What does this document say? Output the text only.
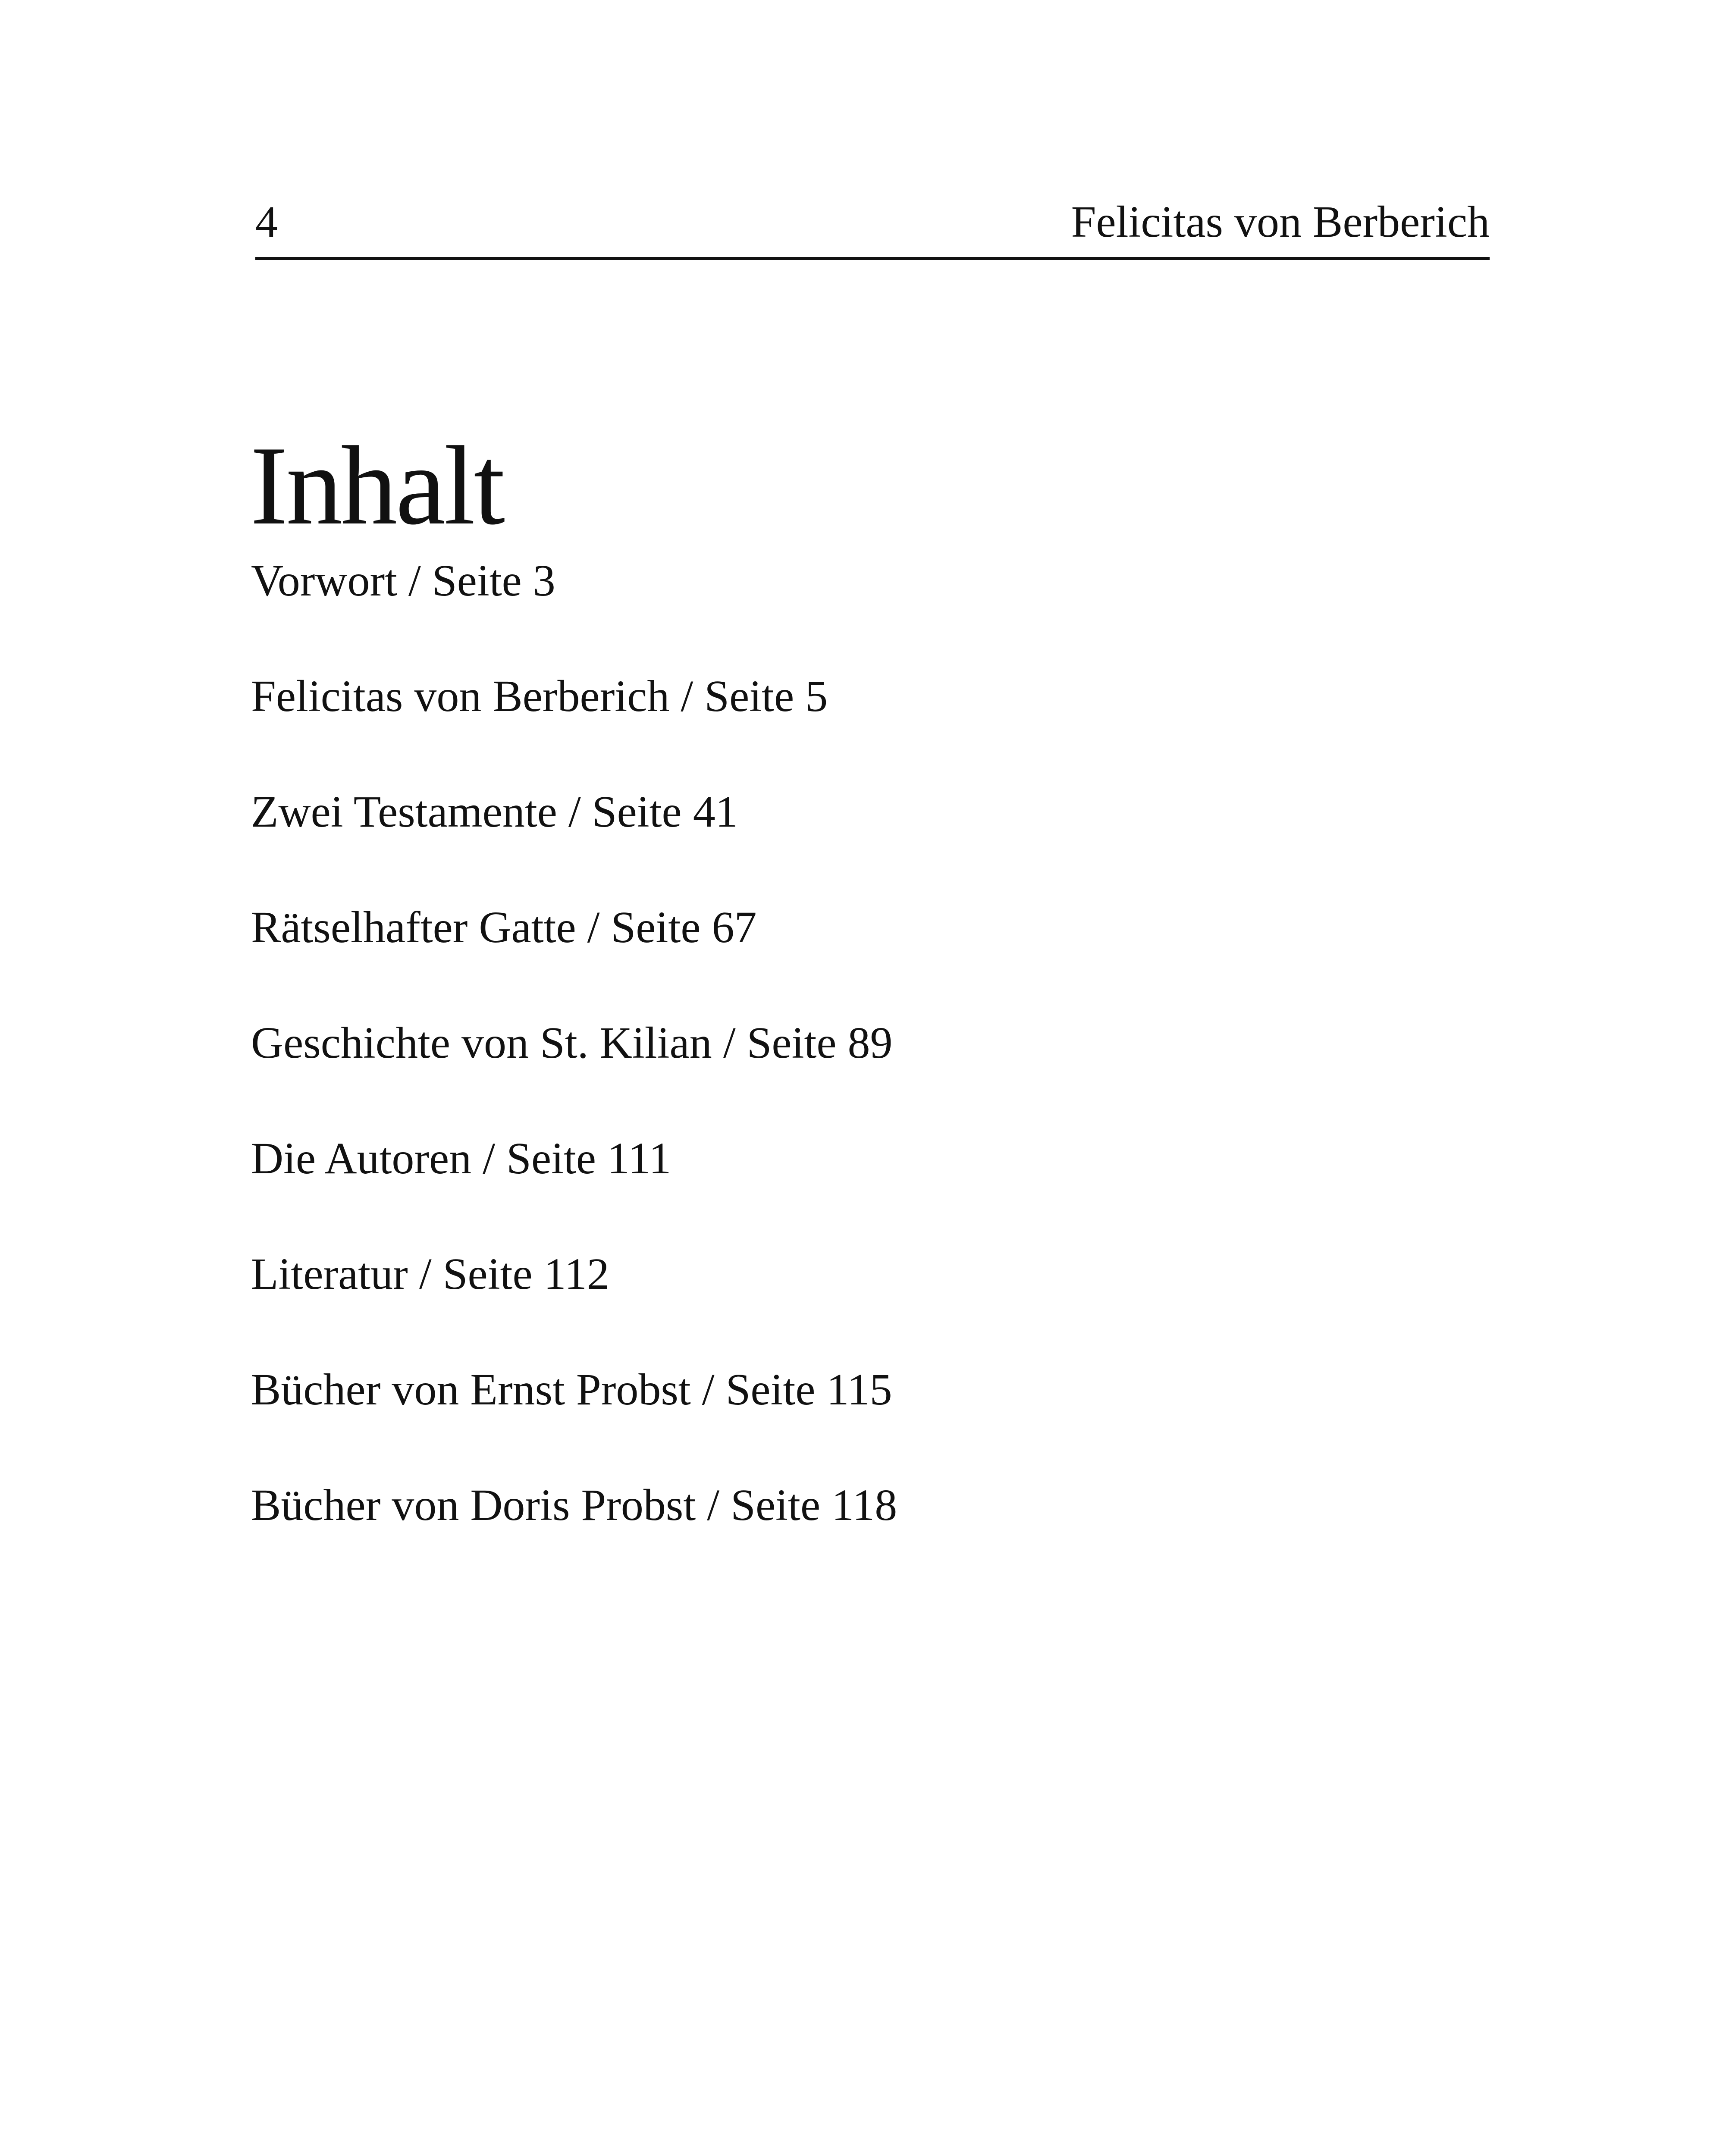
4	Felicitas von Berberich
Inhalt
Vorwort / Seite 3
Felicitas von Berberich / Seite 5
Zwei Testamente / Seite 41
Rätselhafter Gatte / Seite 67
Geschichte von St. Kilian / Seite 89
Die Autoren / Seite 111
Literatur / Seite 112
Bücher von Ernst Probst / Seite 115
Bücher von Doris Probst / Seite 118
